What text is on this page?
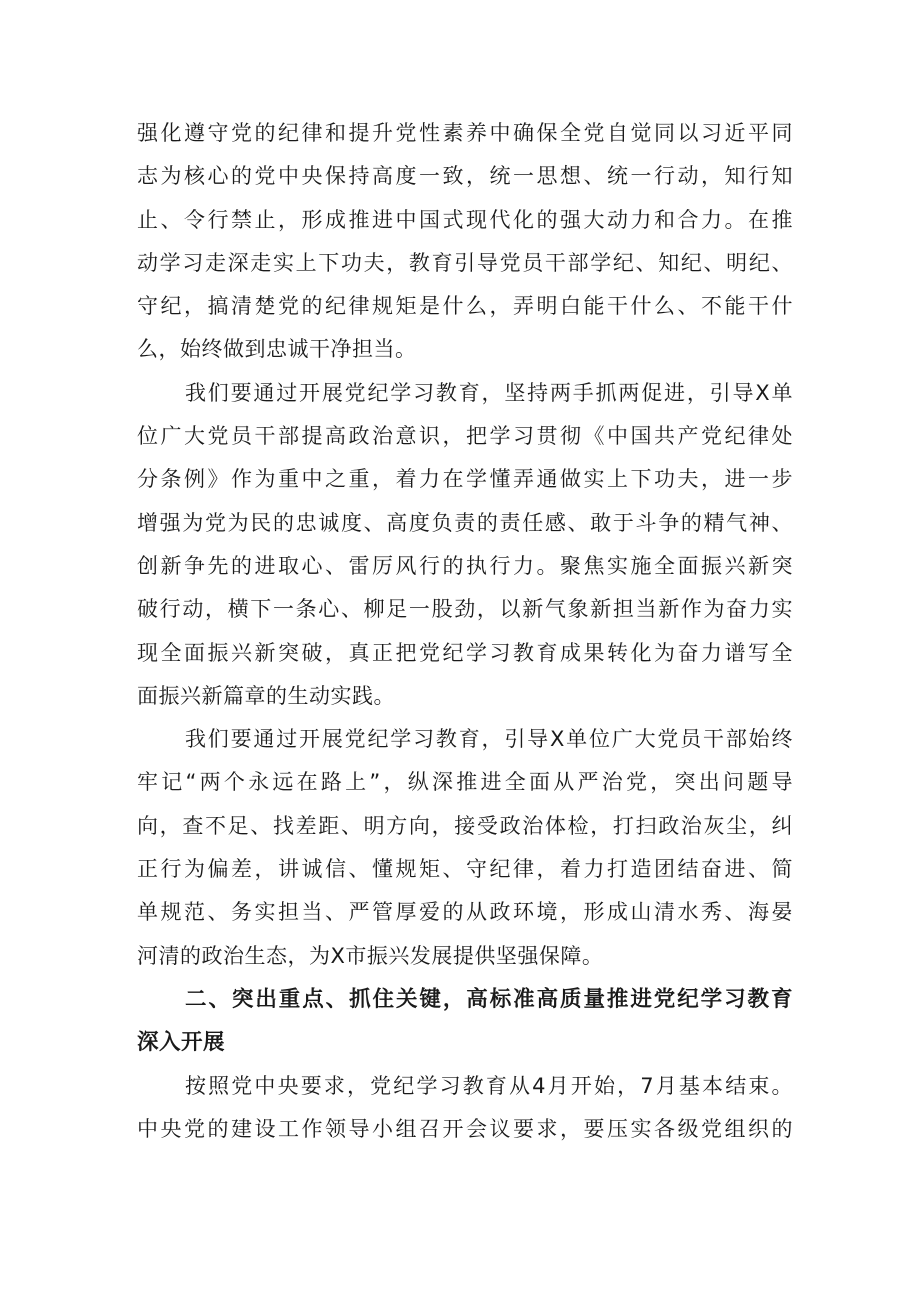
强化遵守党的纪律和提升党性素养中确保全党自觉同以习近平同
志为核心的党中央保持高度一致，统一思想、统一行动，知行知
止、令行禁止，形成推进中国式现代化的强大动力和合力。在推
动学习走深走实上下功夫，教育引导党员干部学纪、知纪、明纪、
守纪，搞清楚党的纪律规矩是什么，弄明白能干什么、不能干什
么，始终做到忠诚干净担当。
我们要通过开展党纪学习教育，坚持两手抓两促进，引导X单
位广大党员干部提高政治意识，把学习贯彻《中国共产党纪律处
分条例》作为重中之重，着力在学懂弄通做实上下功夫，进一步
增强为党为民的忠诚度、高度负责的责任感、敢于斗争的精气神、
创新争先的进取心、雷厉风行的执行力。聚焦实施全面振兴新突
破行动，横下一条心、柳足一股劲，以新气象新担当新作为奋力实
现全面振兴新突破，真正把党纪学习教育成果转化为奋力谱写全
面振兴新篇章的生动实践。
我们要通过开展党纪学习教育，引导X单位广大党员干部始终
牢记“两个永远在路上”，纵深推进全面从严治党，突出问题导
向，查不足、找差距、明方向，接受政治体检，打扫政治灰尘，纠
正行为偏差，讲诚信、懂规矩、守纪律，着力打造团结奋进、简
单规范、务实担当、严管厚爱的从政环境，形成山清水秀、海晏
河清的政治生态，为X市振兴发展提供坚强保障。
二、突出重点、抓住关键，高标准高质量推进党纪学习教育
深入开展
按照党中央要求，党纪学习教育从4月开始，7月基本结束。
中央党的建设工作领导小组召开会议要求，要压实各级党组织的
